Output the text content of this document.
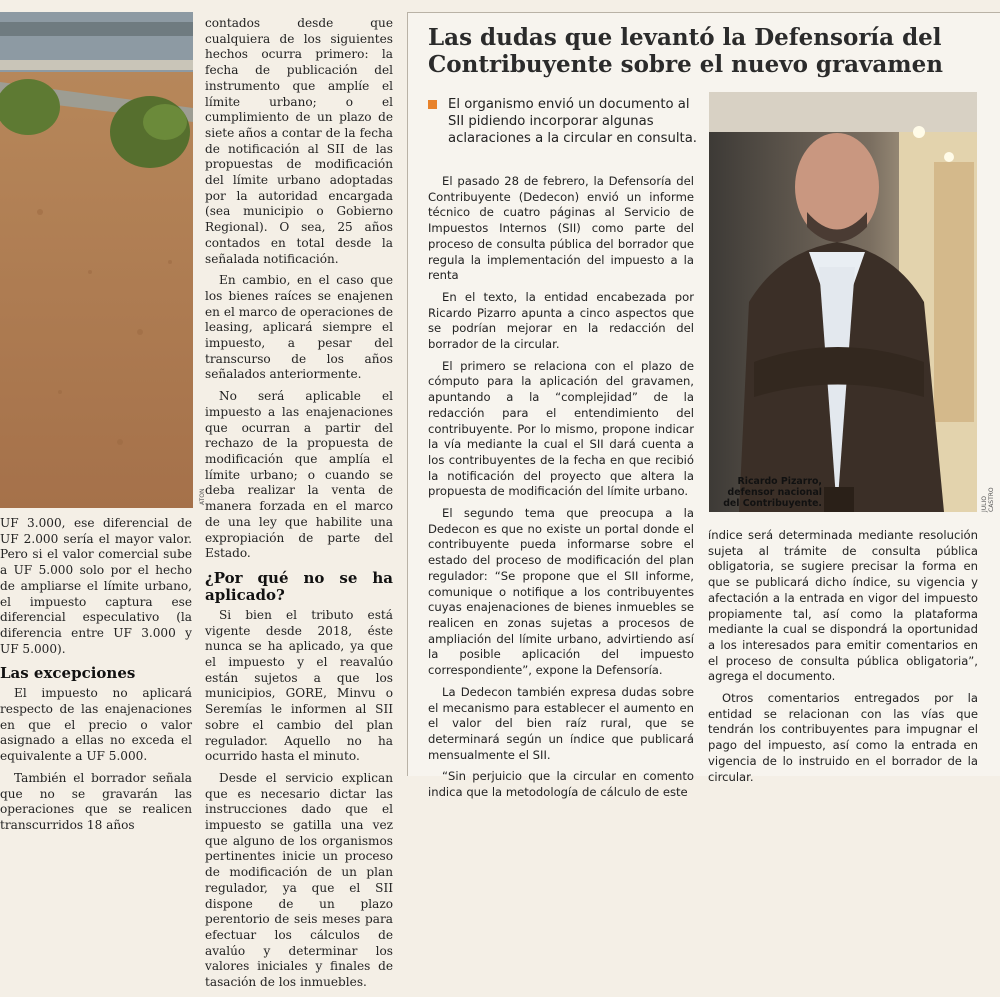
ATON

UF 3.000, ese diferencial de UF 2.000 sería el mayor valor. Pero si el valor comercial sube a UF 5.000 solo por el hecho de ampliarse el límite urbano, el impuesto captura ese diferencial especulativo (la diferencia entre UF 3.000 y UF 5.000).

Las excepciones

El impuesto no aplicará respecto de las enajenaciones en que el precio o valor asignado a ellas no exceda el equivalente a UF 5.000.

También el borrador señala que no se gravarán las operaciones que se realicen transcurridos 18 años

contados desde que cualquiera de los siguientes hechos ocurra primero: la fecha de publicación del instrumento que amplíe el límite urbano; o el cumplimiento de un plazo de siete años a contar de la fecha de notificación al SII de las propuestas de modificación del límite urbano adoptadas por la autoridad encargada (sea municipio o Gobierno Regional). O sea, 25 años contados en total desde la señalada notificación.

En cambio, en el caso que los bienes raíces se enajenen en el marco de operaciones de leasing, aplicará siempre el impuesto, a pesar del transcurso de los años señalados anteriormente.

No será aplicable el impuesto a las enajenaciones que ocurran a partir del rechazo de la propuesta de modificación que amplía el límite urbano; o cuando se deba realizar la venta de manera forzada en el marco de una ley que habilite una expropiación de parte del Estado.

¿Por qué no se ha aplicado?

Si bien el tributo está vigente desde 2018, éste nunca se ha aplicado, ya que el impuesto y el reavalúo están sujetos a que los municipios, GORE, Minvu o Seremías le informen al SII sobre el cambio del plan regulador. Aquello no ha ocurrido hasta el minuto.

Desde el servicio explican que es necesario dictar las instrucciones dado que el impuesto se gatilla una vez que alguno de los organismos pertinentes inicie un proceso de modificación de un plan regulador, ya que el SII dispone de un plazo perentorio de seis meses para efectuar los cálculos de avalúo y determinar los valores iniciales y finales de tasación de los inmuebles.

Las dudas que levantó la Defensoría del Contribuyente sobre el nuevo gravamen
El organismo envió un documento al SII pidiendo incorporar algunas aclaraciones a la circular en consulta.

El pasado 28 de febrero, la Defensoría del Contribuyente (Dedecon) envió un informe técnico de cuatro páginas al Servicio de Impuestos Internos (SII) como parte del proceso de consulta pública del borrador que regula la implementación del impuesto a la renta

En el texto, la entidad encabezada por Ricardo Pizarro apunta a cinco aspectos que se podrían mejorar en la redacción del borrador de la circular.

El primero se relaciona con el plazo de cómputo para la aplicación del gravamen, apuntando a la “complejidad” de la redacción para el entendimiento del contribuyente. Por lo mismo, propone indicar la vía mediante la cual el SII dará cuenta a los contribuyentes de la fecha en que recibió la notificación del proyecto que altera la propuesta de modificación del límite urbano.

El segundo tema que preocupa a la Dedecon es que no existe un portal donde el contribuyente pueda informarse sobre el estado del proceso de modificación del plan regulador: “Se propone que el SII informe, comunique o notifique a los contribuyentes cuyas enajenaciones de bienes inmuebles se realicen en zonas sujetas a procesos de ampliación del límite urbano, advirtiendo así la posible aplicación del impuesto correspondiente”, expone la Defensoría.

La Dedecon también expresa dudas sobre el mecanismo para establecer el aumento en el valor del bien raíz rural, que se determinará según un índice que publicará mensualmente el SII.

“Sin perjuicio que la circular en comento indica que la metodología de cálculo de este

JULIO CASTRO
Ricardo Pizarro, defensor nacional del Contribuyente.

índice será determinada mediante resolución sujeta al trámite de consulta pública obligatoria, se sugiere precisar la forma en que se publicará dicho índice, su vigencia y afectación a la entrada en vigor del impuesto propiamente tal, así como la plataforma mediante la cual se dispondrá la oportunidad a los interesados para emitir comentarios en el proceso de consulta pública obligatoria”, agrega el documento.

Otros comentarios entregados por la entidad se relacionan con las vías que tendrán los contribuyentes para impugnar el pago del impuesto, así como la entrada en vigencia de lo instruido en el borrador de la circular.
